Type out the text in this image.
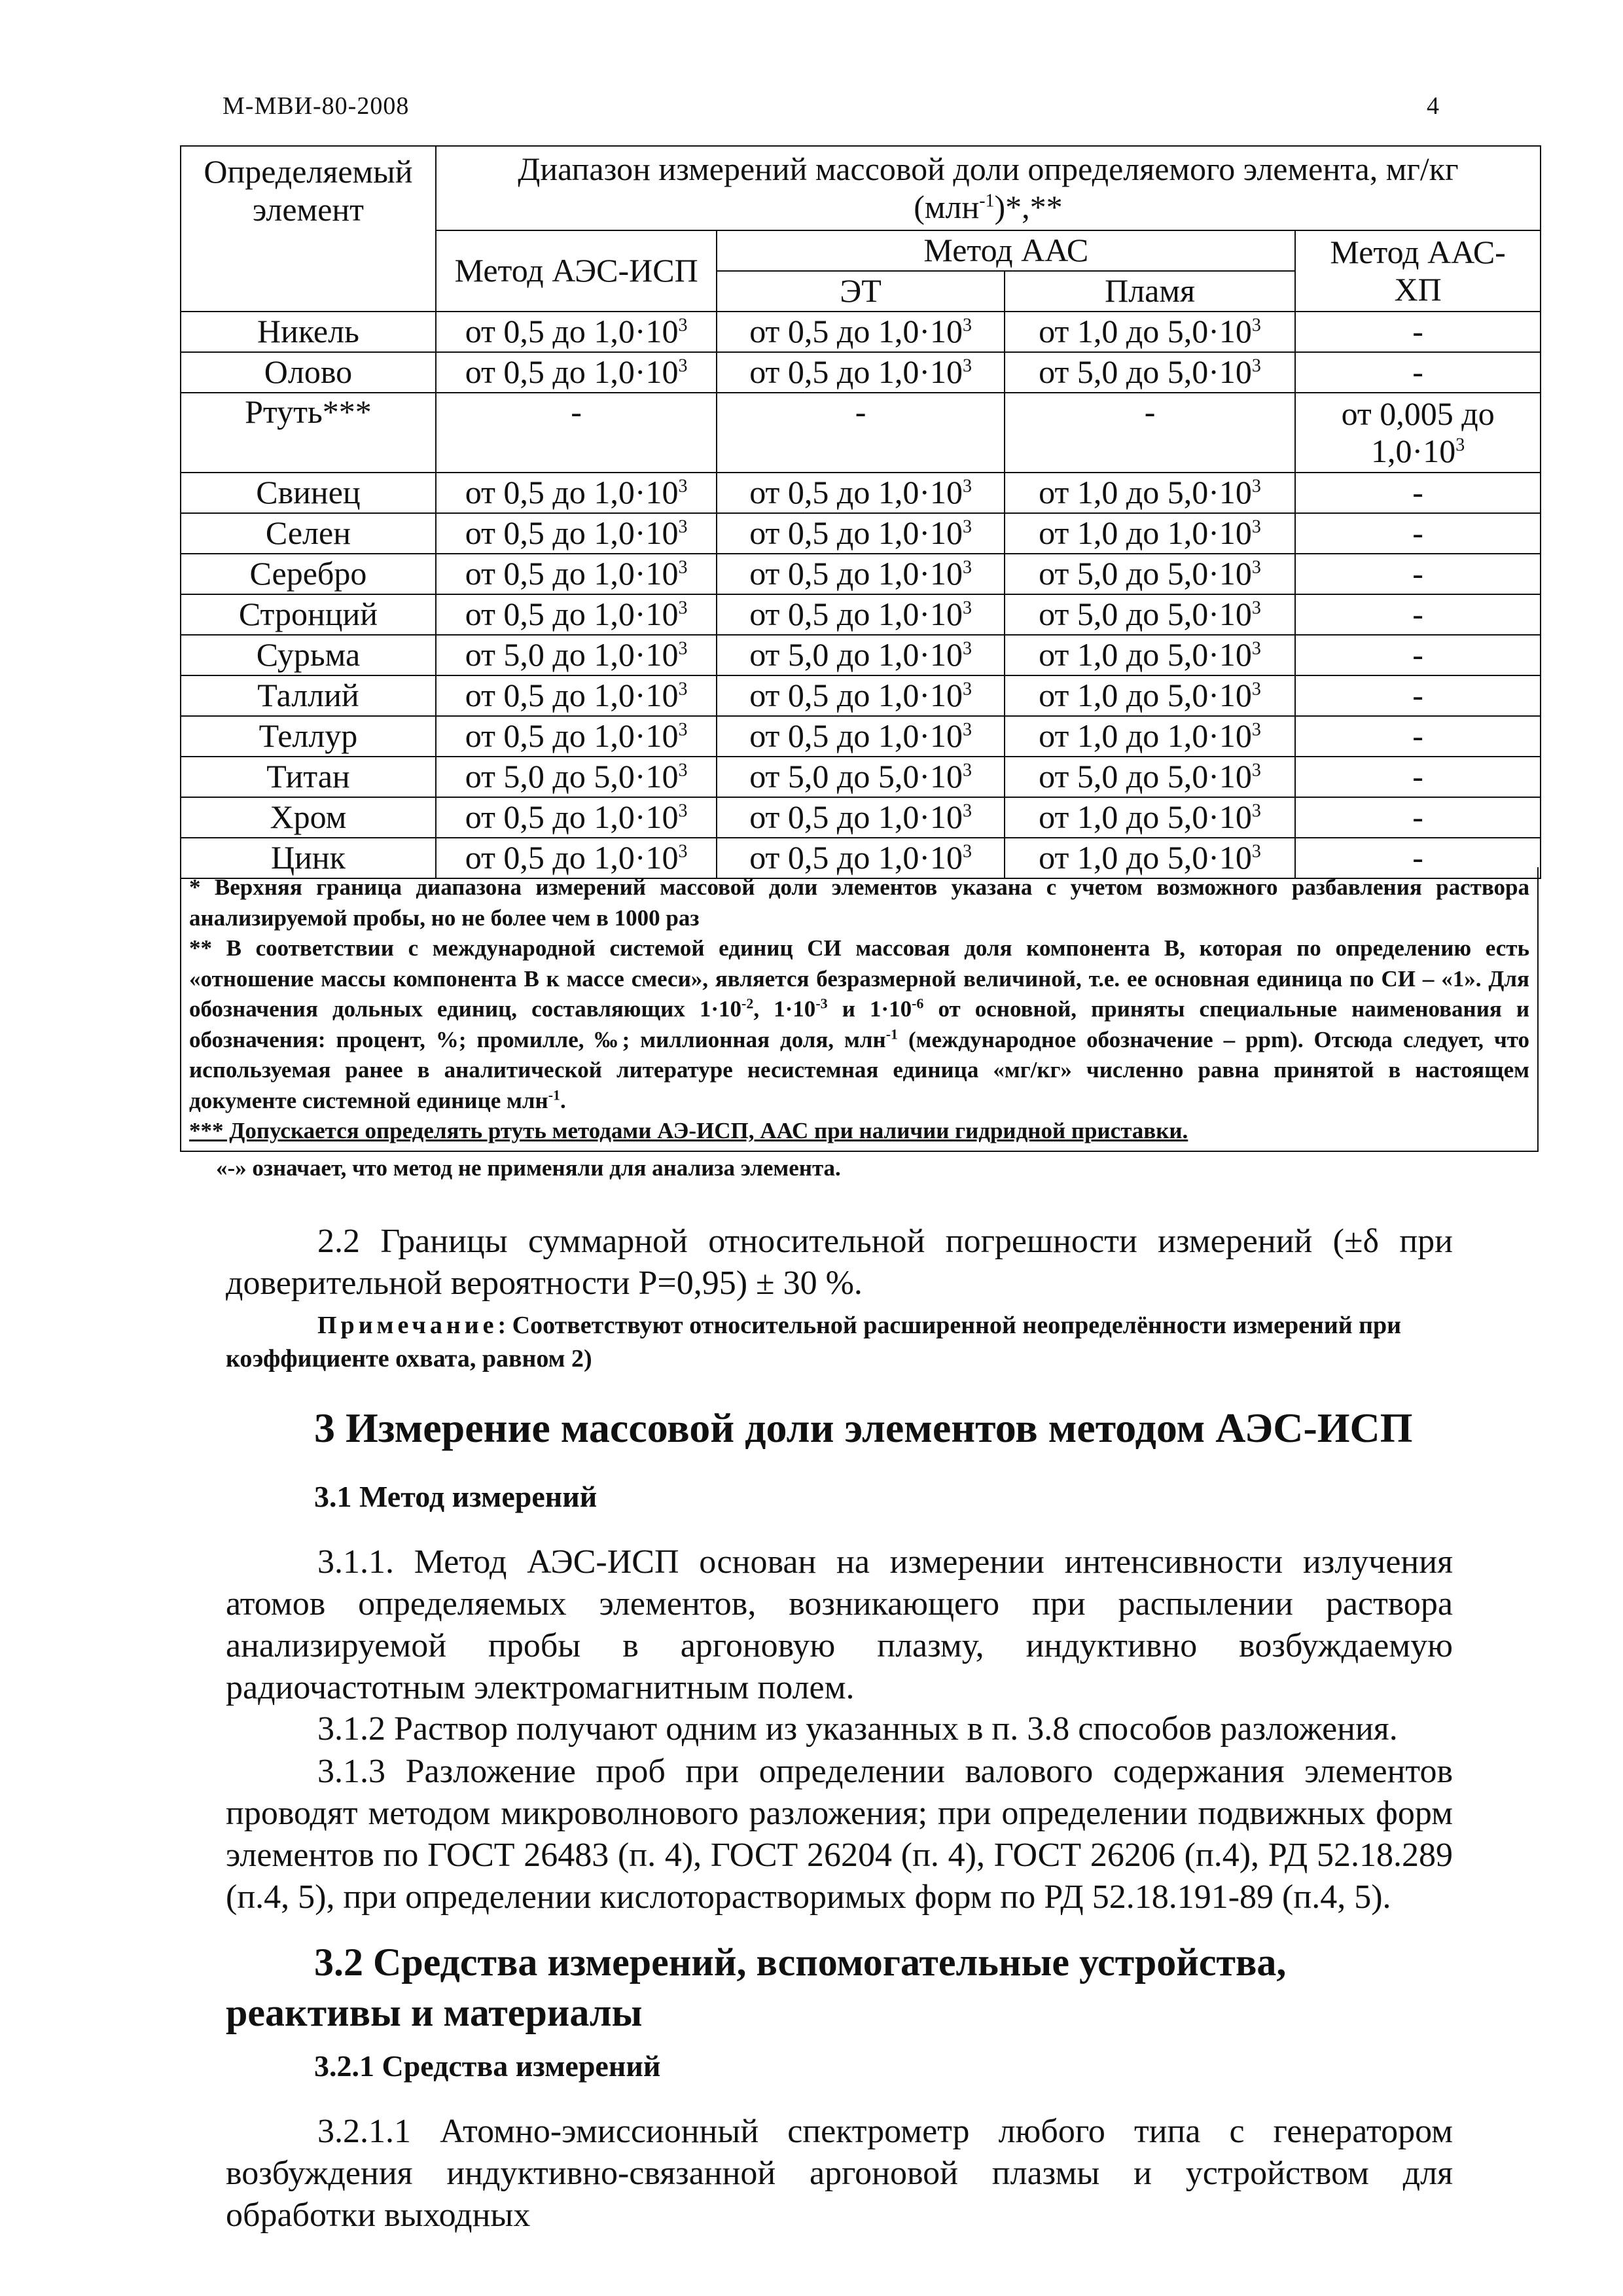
М-МВИ-80-2008	4
Определяемый элемент	Диапазон измерений массовой доли определяемого элемента, мг/кг (млн$^{-1}$)*,**			
	Метод АЭС-ИСП	Метод ААС		Метод ААС-ХП
		ЭТ	Пламя	
Никель	от 0,5 до $1,0\cdot 10^3$	от 0,5 до $1,0\cdot 10^3$	от 1,0 до $5,0\cdot 10^3$	-
Олово	от 0,5 до $1,0\cdot 10^3$	от 0,5 до $1,0\cdot 10^3$	от 5,0 до $5,0\cdot 10^3$	-
Ртуть***	-	-	-	от 0,005 до
$1,0\cdot 10^3$
Свинец	от 0,5 до $1,0\cdot 10^3$	от 0,5 до $1,0\cdot 10^3$	от 1,0 до $5,0\cdot 10^3$	-
Селен	от 0,5 до $1,0\cdot 10^3$	от 0,5 до $1,0\cdot 10^3$	от 1,0 до $1,0\cdot 10^3$	-
Серебро	от 0,5 до $1,0\cdot 10^3$	от 0,5 до $1,0\cdot 10^3$	от 5,0 до $5,0\cdot 10^3$	-
Стронций	от 0,5 до $1,0\cdot 10^3$	от 0,5 до $1,0\cdot 10^3$	от 5,0 до $5,0\cdot 10^3$	-
Сурьма	от 5,0 до $1,0\cdot 10^3$	от 5,0 до $1,0\cdot 10^3$	от 1,0 до $5,0\cdot 10^3$	-
Таллий	от 0,5 до $1,0\cdot 10^3$	от 0,5 до $1,0\cdot 10^3$	от 1,0 до $5,0\cdot 10^3$	-
Теллур	от 0,5 до $1,0\cdot 10^3$	от 0,5 до $1,0\cdot 10^3$	от 1,0 до $1,0\cdot 10^3$	-
Титан	от 5,0 до $5,0\cdot 10^3$	от 5,0 до $5,0\cdot 10^3$	от 5,0 до $5,0\cdot 10^3$	-
Хром	от 0,5 до $1,0\cdot 10^3$	от 0,5 до $1,0\cdot 10^3$	от 1,0 до $5,0\cdot 10^3$	-
Цинк	от 0,5 до $1,0\cdot 10^3$	от 0,5 до $1,0\cdot 10^3$	от 1,0 до $5,0\cdot 10^3$	-

* Верхняя граница диапазона измерений массовой доли элементов указана с учетом возможного разбавления раствора анализируемой пробы, но не более чем в 1000 раз

** В соответствии с международной системой единиц СИ массовая доля компонента В, которая по определению есть «отношение массы компонента В к массе смеси», является безразмерной величиной, т.е. ее основная единица по СИ – «1». Для обозначения дольных единиц, составляющих $1\cdot 10^{-2}$, $1\cdot 10^{-3}$ и $1\cdot 10^{-6}$ от основной, приняты специальные наименования и обозначения: процент, %; промилле, ‰; миллионная доля, млн$^{-1}$ (международное обозначение – ppm). Отсюда следует, что используемая ранее в аналитической литературе несистемная единица «мг/кг» численно равна принятой в настоящем документе системной единице млн$^{-1}$.

*** Допускается определять ртуть методами АЭ-ИСП, ААС при наличии гидридной приставки.

«-» означает, что метод не применяли для анализа элемента.

2.2 Границы суммарной относительной погрешности измерений (±δ при доверительной вероятности Р=0,95) ± 30 %.

Примечание: Соответствуют относительной расширенной неопределённости измерений при коэффициенте охвата, равном 2)

3 Измерение массовой доли элементов методом АЭС-ИСП

3.1 Метод измерений

3.1.1. Метод АЭС-ИСП основан на измерении интенсивности излучения атомов определяемых элементов, возникающего при распылении раствора анализируемой пробы в аргоновую плазму, индуктивно возбуждаемую радиочастотным электромагнитным полем.

3.1.2 Раствор получают одним из указанных в п. 3.8 способов разложения.

3.1.3 Разложение проб при определении валового содержания элементов проводят методом микроволнового разложения; при определении подвижных форм элементов по ГОСТ 26483 (п. 4), ГОСТ 26204 (п. 4), ГОСТ 26206 (п.4), РД 52.18.289 (п.4, 5), при определении кислоторастворимых форм по РД 52.18.191-89 (п.4, 5).

3.2 Средства измерений, вспомогательные устройства, реактивы и материалы

3.2.1 Средства измерений

3.2.1.1 Атомно-эмиссионный спектрометр любого типа с генератором возбуждения индуктивно-связанной аргоновой плазмы и устройством для обработки выходных
